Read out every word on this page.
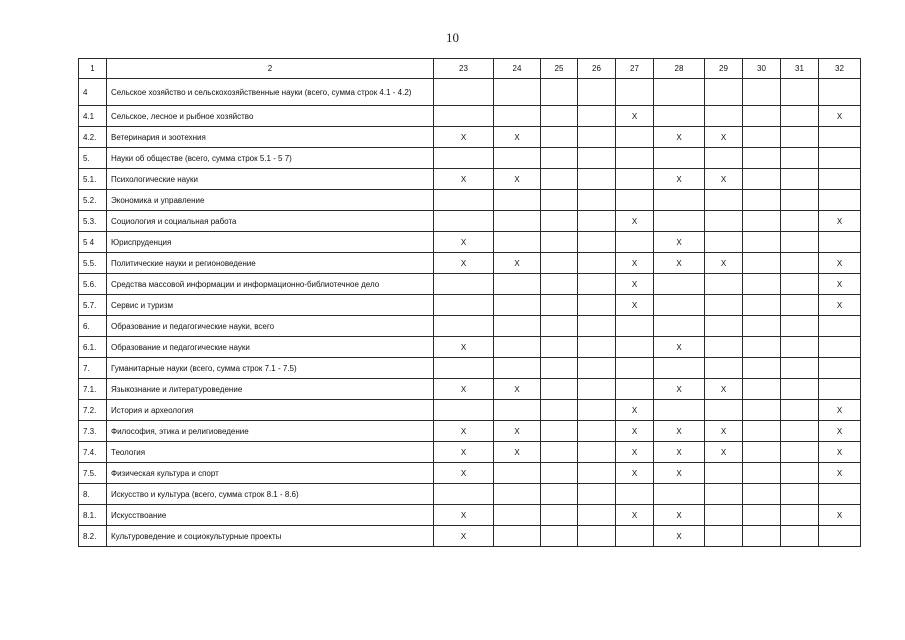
10
1	2	23	24	25	26	27	28	29	30	31	32
4	Сельское хозяйство и сельскохозяйственные науки (всего, сумма строк 4.1 - 4.2)										
4.1	Сельское, лесное и рыбное хозяйство					X					X
4.2.	Ветеринария и зоотехния	X	X				X	X			
5.	Науки об обществе (всего, сумма строк 5.1 - 5 7)										
5.1.	Психологические науки	X	X				X	X			
5.2.	Экономика и управление										
5.3.	Социология и социальная работа					X					X
5 4	Юриспруденция	X					X				
5.5.	Политические науки и регионоведение	X	X			X	X	X			X
5.6.	Средства массовой информации и информационно-библиотечное дело					X					X
5.7.	Сервис и туризм					X					X
6.	Образование и педагогические науки, всего										
6.1.	Образование и педагогические науки	X					X				
7.	Гуманитарные науки (всего, сумма строк 7.1 - 7.5)										
7.1.	Языкознание и литературоведение	X	X				X	X			
7.2.	История и археология					X					X
7.3.	Философия, этика и религиоведение	X	X			X	X	X			X
7.4.	Теология	X	X			X	X	X			X
7.5.	Физическая культура и спорт	X				X	X				X
8.	Искусство и культура (всего, сумма строк 8.1 - 8.6)										
8.1.	Искусствоание	X				X	X				X
8.2.	Культуроведение и социокультурные проекты	X					X				
